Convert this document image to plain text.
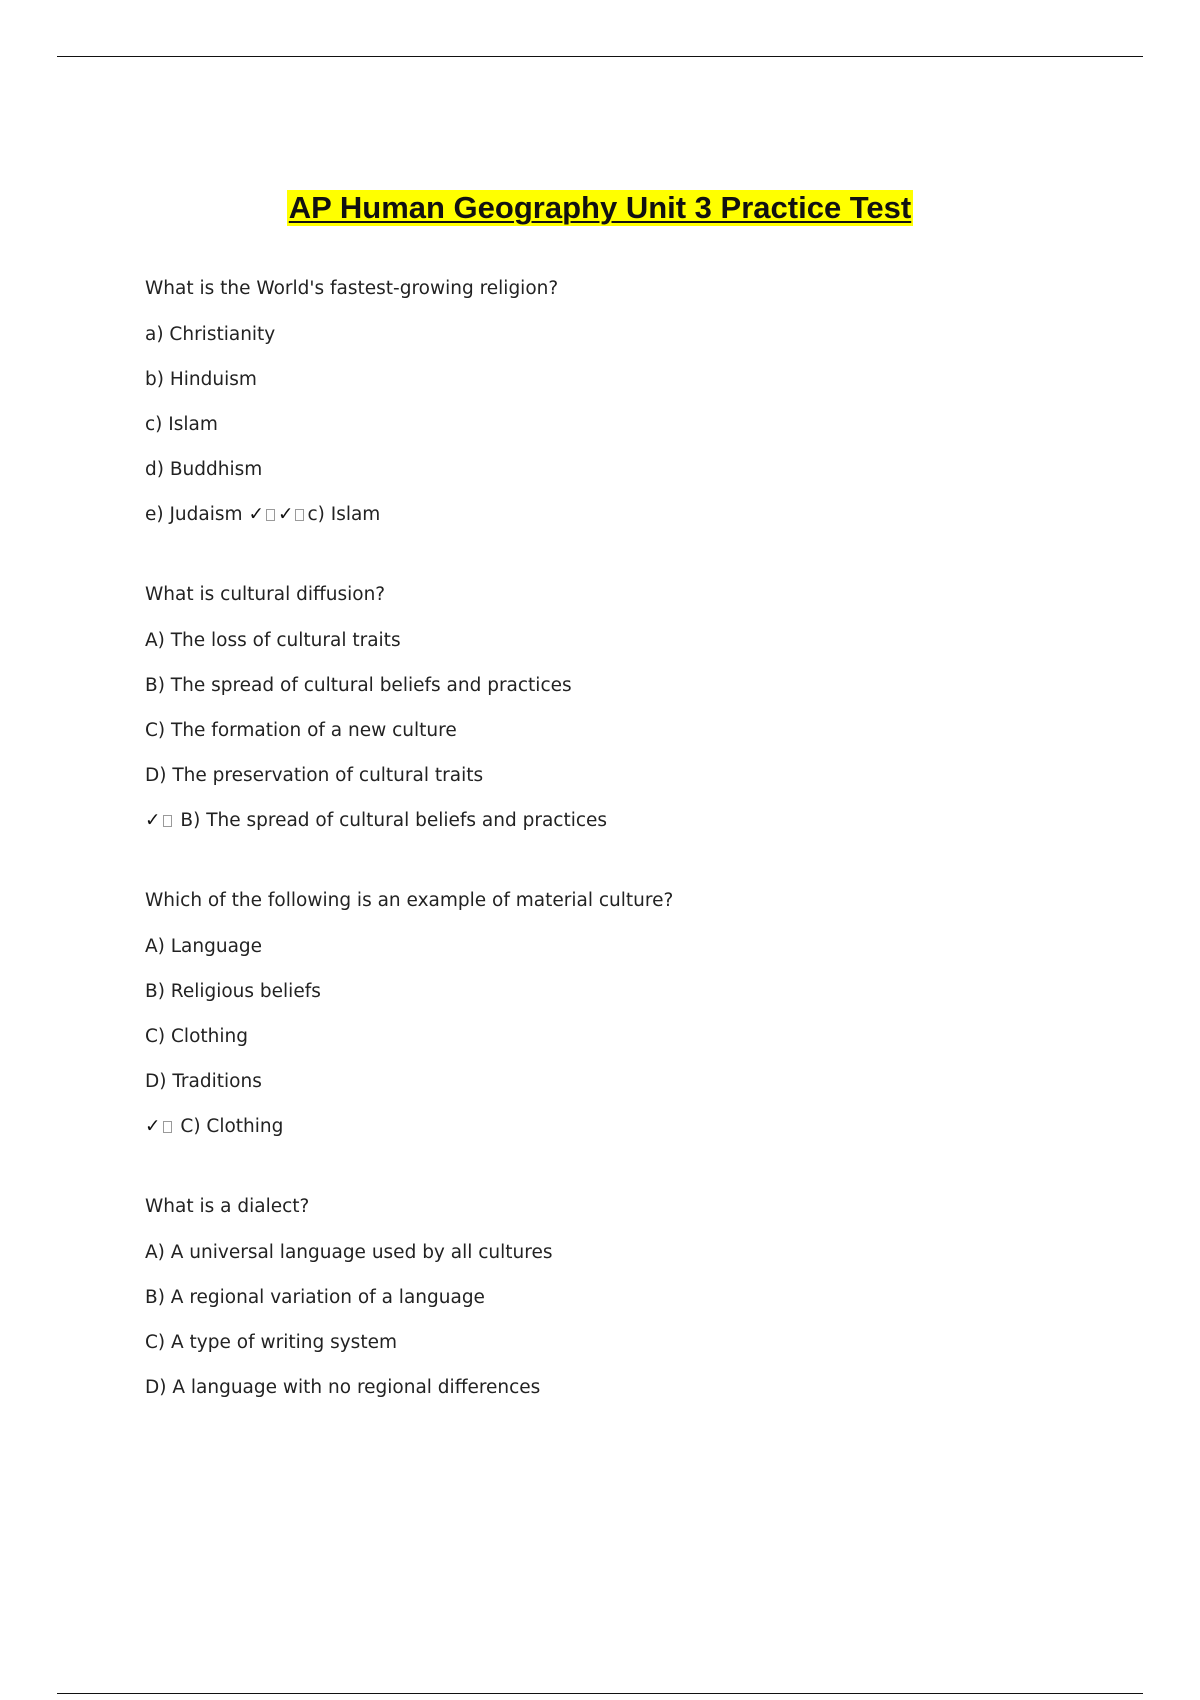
AP Human Geography Unit 3 Practice Test
What is the World's fastest-growing religion?
a) Christianity
b) Hinduism
c) Islam
d) Buddhism
e) Judaism ✓ ✓ c) Islam
What is cultural diffusion?
A) The loss of cultural traits
B) The spread of cultural beliefs and practices
C) The formation of a new culture
D) The preservation of cultural traits
✓ B) The spread of cultural beliefs and practices
Which of the following is an example of material culture?
A) Language
B) Religious beliefs
C) Clothing
D) Traditions
✓ C) Clothing
What is a dialect?
A) A universal language used by all cultures
B) A regional variation of a language
C) A type of writing system
D) A language with no regional differences
